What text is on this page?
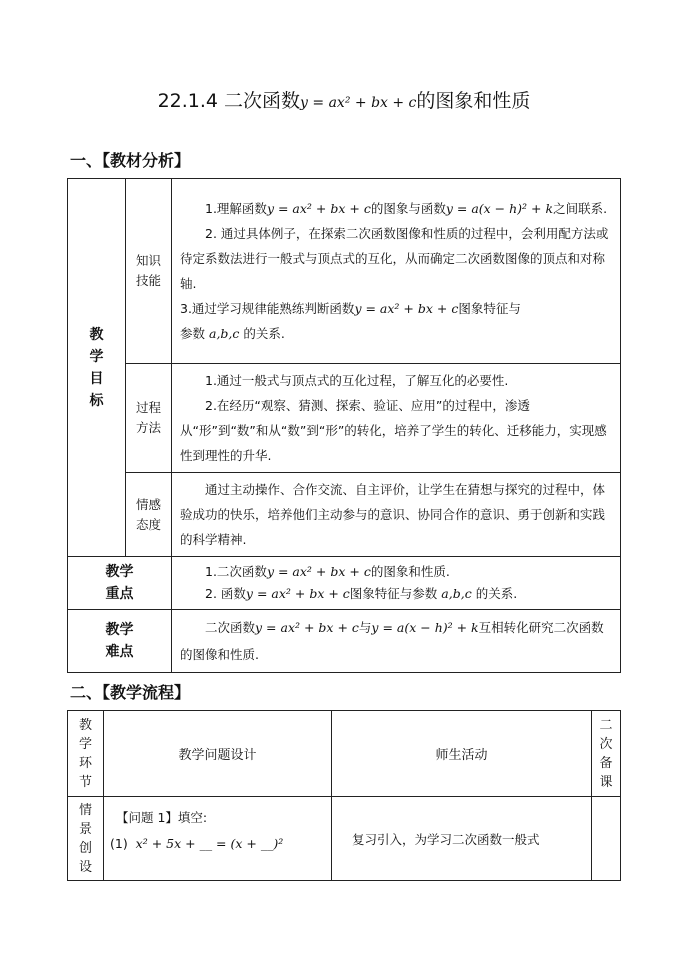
22.1.4 二次函数y = ax² + bx + c的图象和性质
一、【教材分析】
教学目标	知识技能	1.理解函数y = ax² + bx + c的图象与函数y = a(x − h)² + k之间联系.
2. 通过具体例子，在探索二次函数图像和性质的过程中，会利用配方法或待定系数法进行一般式与顶点式的互化，从而确定二次函数图像的顶点和对称轴.
3.通过学习规律能熟练判断函数y = ax² + bx + c图象特征与
参数 a,b,c 的关系.

	过程方法	1.通过一般式与顶点式的互化过程，了解互化的必要性.
2.在经历“观察、猜测、探索、验证、应用”的过程中，渗透从“形”到“数”和从“数”到“形”的转化，培养了学生的转化、迁移能力，实现感性到理性的升华.

	情感态度	通过主动操作、合作交流、自主评价，让学生在猜想与探究的过程中，体验成功的快乐，培养他们主动参与的意识、协同合作的意识、勇于创新和实践的科学精神.

教学重点		1.二次函数y = ax² + bx + c的图象和性质.
2. 函数y = ax² + bx + c图象特征与参数 a,b,c 的关系.

教学难点		二次函数y = ax² + bx + c与y = a(x − h)² + k互相转化研究二次函数的图像和性质.
二、【教学流程】
教学环节	教学问题设计	师生活动	二次备课

情景创设	【问题 1】填空:
(1) x² + 5x + __ = (x + __)²	复习引入，为学习二次函数一般式	
